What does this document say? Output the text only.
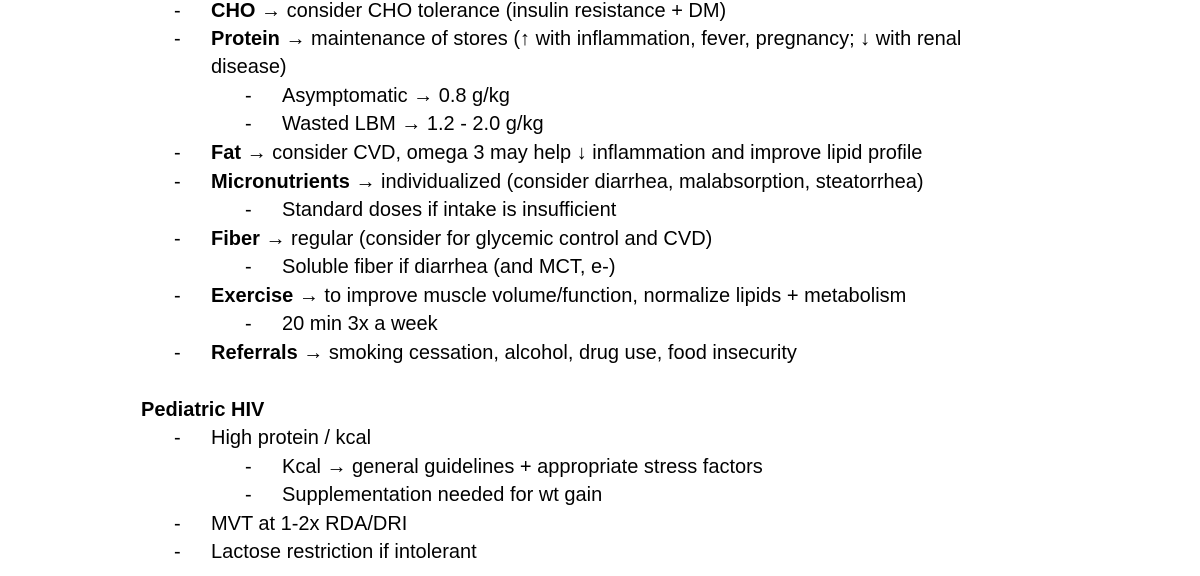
- CHO → consider CHO tolerance (insulin resistance + DM)
- Protein → maintenance of stores (↑ with inflammation, fever, pregnancy; ↓ with renal
disease)
- Asymptomatic → 0.8 g/kg
- Wasted LBM → 1.2 - 2.0 g/kg
- Fat → consider CVD, omega 3 may help ↓ inflammation and improve lipid profile
- Micronutrients → individualized (consider diarrhea, malabsorption, steatorrhea)
- Standard doses if intake is insufficient
- Fiber → regular (consider for glycemic control and CVD)
- Soluble fiber if diarrhea (and MCT, e-)
- Exercise → to improve muscle volume/function, normalize lipids + metabolism
- 20 min 3x a week
- Referrals → smoking cessation, alcohol, drug use, food insecurity
Pediatric HIV
- High protein / kcal
- Kcal → general guidelines + appropriate stress factors
- Supplementation needed for wt gain
- MVT at 1-2x RDA/DRI
- Lactose restriction if intolerant
